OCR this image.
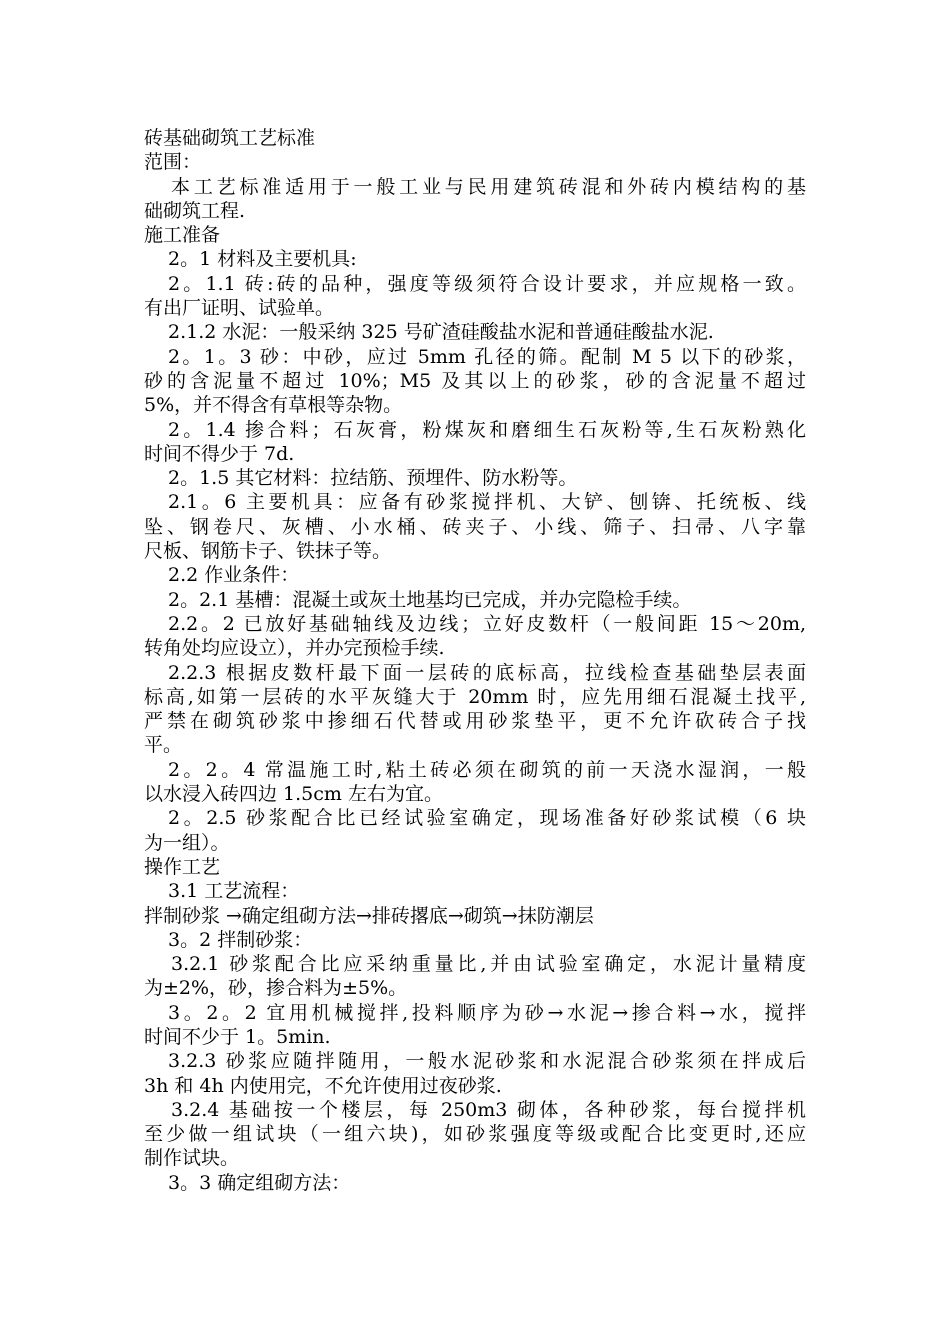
砖基础砌筑工艺标准
范围：
本工艺标准适用于一般工业与民用建筑砖混和外砖内模结构的基
础砌筑工程.
施工准备
2。1 材料及主要机具:
2。1.1 砖:砖的品种，强度等级须符合设计要求，并应规格一致。
有出厂证明、试验单。
2.1.2 水泥：一般采纳 325 号矿渣硅酸盐水泥和普通硅酸盐水泥.
2。1。3 砂：中砂，应过 5mm 孔径的筛。配制 M 5 以下的砂浆，
砂的含泥量不超过 10%；M5 及其以上的砂浆，砂的含泥量不超过
5%，并不得含有草根等杂物。
2。1.4 掺合料；石灰膏，粉煤灰和磨细生石灰粉等,生石灰粉熟化
时间不得少于 7d.
2。1.5 其它材料：拉结筋、预埋件、防水粉等。
2.1。6 主要机具：应备有砂浆搅拌机、大铲、刨锛、托统板、线
坠、钢卷尺、灰槽、小水桶、砖夹子、小线、筛子、扫帚、八字靠
尺板、钢筋卡子、铁抹子等。
2.2 作业条件：
2。2.1 基槽：混凝土或灰土地基均已完成，并办完隐检手续。
2.2。2 已放好基础轴线及边线；立好皮数杆（一般间距 15～20m,
转角处均应设立），并办完预检手续.
2.2.3 根据皮数杆最下面一层砖的底标高，拉线检查基础垫层表面
标高,如第一层砖的水平灰缝大于 20mm 时，应先用细石混凝土找平,
严禁在砌筑砂浆中掺细石代替或用砂浆垫平，更不允许砍砖合子找
平。
2。2。4 常温施工时,粘土砖必须在砌筑的前一天浇水湿润，一般
以水浸入砖四边 1.5cm 左右为宜。
2。2.5 砂浆配合比已经试验室确定，现场准备好砂浆试模（6 块
为一组）。
操作工艺
3.1 工艺流程：
拌制砂浆 →确定组砌方法→排砖撂底→砌筑→抹防潮层
3。2 拌制砂浆：
3.2.1 砂浆配合比应采纳重量比,并由试验室确定，水泥计量精度
为±2%，砂，掺合料为±5%。
3。2。2 宜用机械搅拌,投料顺序为砂→水泥→掺合料→水，搅拌
时间不少于 1。5min.
3.2.3 砂浆应随拌随用，一般水泥砂浆和水泥混合砂浆须在拌成后
3h 和 4h 内使用完，不允许使用过夜砂浆.
3.2.4 基础按一个楼层，每 250m3 砌体，各种砂浆，每台搅拌机
至少做一组试块（一组六块)，如砂浆强度等级或配合比变更时,还应
制作试块。
3。3 确定组砌方法：
